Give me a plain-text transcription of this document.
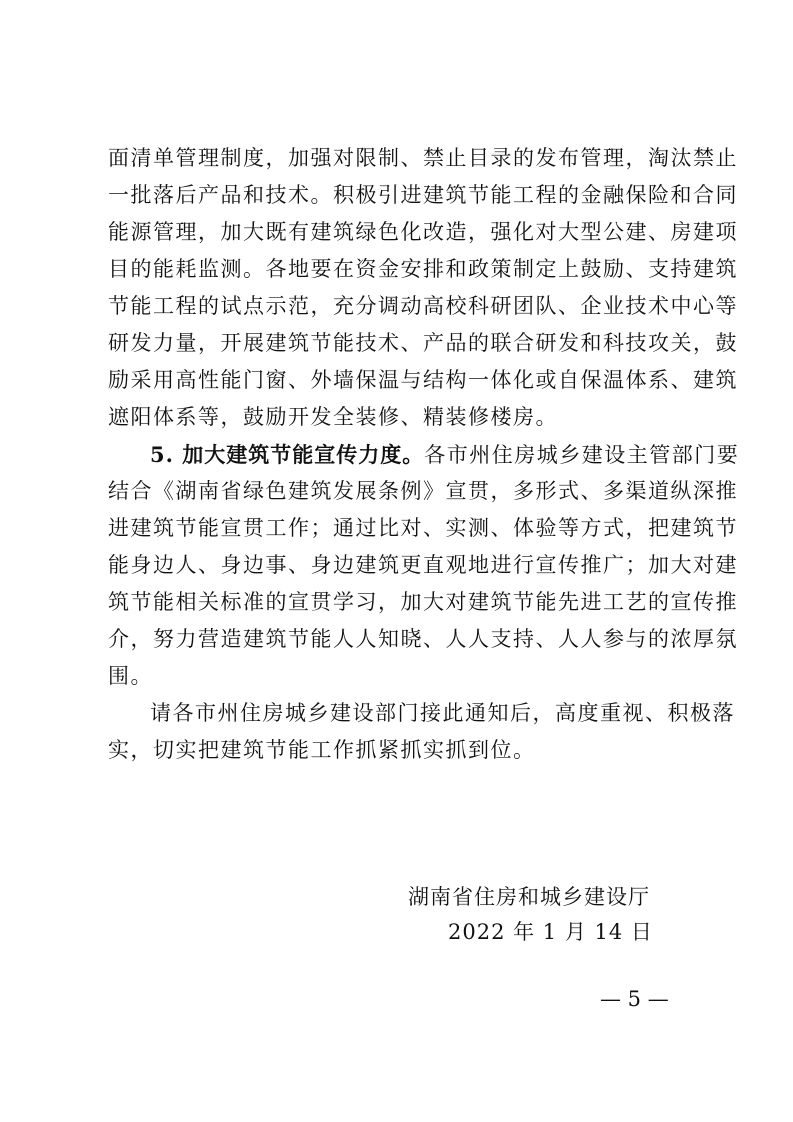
面清单管理制度，加强对限制、禁止目录的发布管理，淘汰禁止
一批落后产品和技术。积极引进建筑节能工程的金融保险和合同
能源管理，加大既有建筑绿色化改造，强化对大型公建、房建项
目的能耗监测。各地要在资金安排和政策制定上鼓励、支持建筑
节能工程的试点示范，充分调动高校科研团队、企业技术中心等
研发力量，开展建筑节能技术、产品的联合研发和科技攻关，鼓
励采用高性能门窗、外墙保温与结构一体化或自保温体系、建筑
遮阳体系等，鼓励开发全装修、精装修楼房。
5. 加大建筑节能宣传力度。各市州住房城乡建设主管部门要
结合《湖南省绿色建筑发展条例》宣贯，多形式、多渠道纵深推
进建筑节能宣贯工作；通过比对、实测、体验等方式，把建筑节
能身边人、身边事、身边建筑更直观地进行宣传推广；加大对建
筑节能相关标准的宣贯学习，加大对建筑节能先进工艺的宣传推
介，努力营造建筑节能人人知晓、人人支持、人人参与的浓厚氛
围。
请各市州住房城乡建设部门接此通知后，高度重视、积极落
实，切实把建筑节能工作抓紧抓实抓到位。
湖南省住房和城乡建设厅
2022 年 1 月 14 日
— 5 —
